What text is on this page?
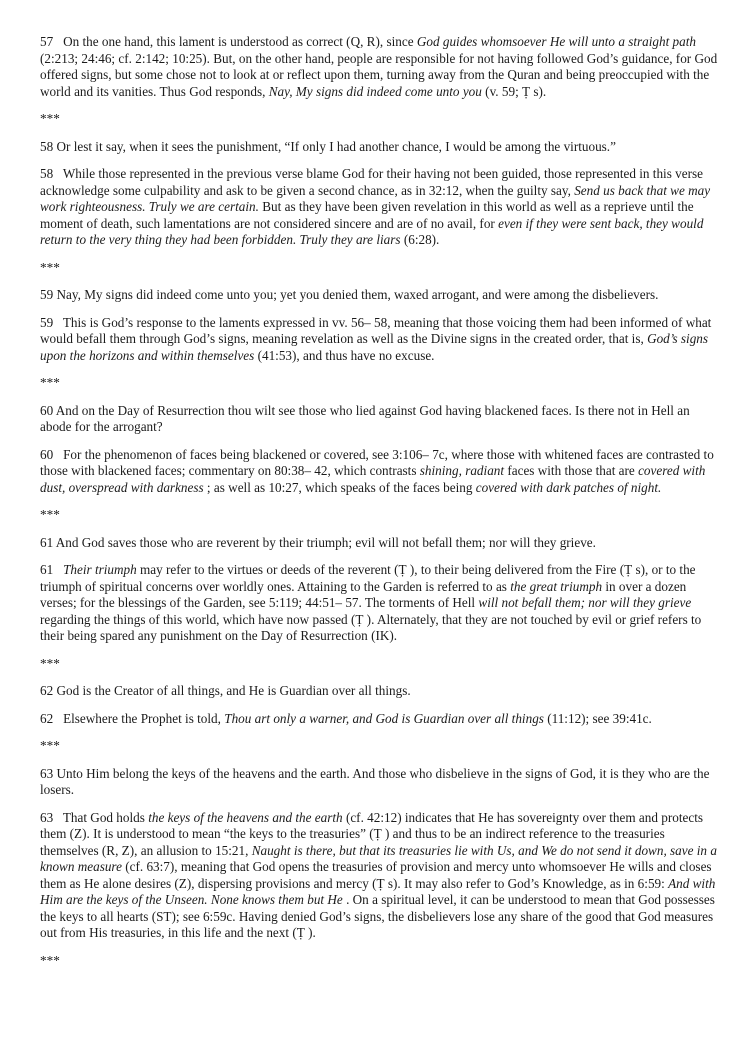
57   On the one hand, this lament is understood as correct (Q, R), since God guides whomsoever He will unto a straight path (2:213; 24:46; cf. 2:142; 10:25). But, on the other hand, people are responsible for not having followed God’s guidance, for God offered signs, but some chose not to look at or reflect upon them, turning away from the Quran and being preoccupied with the world and its vanities. Thus God responds, Nay, My signs did indeed come unto you (v. 59; Ṭ s).

***

58 Or lest it say, when it sees the punishment, “If only I had another chance, I would be among the virtuous.”

58   While those represented in the previous verse blame God for their having not been guided, those represented in this verse acknowledge some culpability and ask to be given a second chance, as in 32:12, when the guilty say, Send us back that we may work righteousness. Truly we are certain. But as they have been given revelation in this world as well as a reprieve until the moment of death, such lamentations are not considered sincere and are of no avail, for even if they were sent back, they would return to the very thing they had been forbidden. Truly they are liars (6:28).

***

59 Nay, My signs did indeed come unto you; yet you denied them, waxed arrogant, and were among the disbelievers.

59   This is God’s response to the laments expressed in vv. 56– 58, meaning that those voicing them had been informed of what would befall them through God’s signs, meaning revelation as well as the Divine signs in the created order, that is, God’s signs upon the horizons and within themselves (41:53), and thus have no excuse.

***

60 And on the Day of Resurrection thou wilt see those who lied against God having blackened faces. Is there not in Hell an abode for the arrogant?

60   For the phenomenon of faces being blackened or covered, see 3:106– 7c, where those with whitened faces are contrasted to those with blackened faces; commentary on 80:38– 42, which contrasts shining, radiant faces with those that are covered with dust, overspread with darkness ; as well as 10:27, which speaks of the faces being covered with dark patches of night.

***

61 And God saves those who are reverent by their triumph; evil will not befall them; nor will they grieve.

61   Their triumph may refer to the virtues or deeds of the reverent (Ṭ ), to their being delivered from the Fire (Ṭ s), or to the triumph of spiritual concerns over worldly ones. Attaining to the Garden is referred to as the great triumph in over a dozen verses; for the blessings of the Garden, see 5:119; 44:51– 57. The torments of Hell will not befall them; nor will they grieve regarding the things of this world, which have now passed (Ṭ ). Alternately, that they are not touched by evil or grief refers to their being spared any punishment on the Day of Resurrection (IK).

***

62 God is the Creator of all things, and He is Guardian over all things.

62   Elsewhere the Prophet is told, Thou art only a warner, and God is Guardian over all things (11:12); see 39:41c.

***

63 Unto Him belong the keys of the heavens and the earth. And those who disbelieve in the signs of God, it is they who are the losers.

63   That God holds the keys of the heavens and the earth (cf. 42:12) indicates that He has sovereignty over them and protects them (Z). It is understood to mean “the keys to the treasuries” (Ṭ ) and thus to be an indirect reference to the treasuries themselves (R, Z), an allusion to 15:21, Naught is there, but that its treasuries lie with Us, and We do not send it down, save in a known measure (cf. 63:7), meaning that God opens the treasuries of provision and mercy unto whomsoever He wills and closes them as He alone desires (Z), dispersing provisions and mercy (Ṭ s). It may also refer to God’s Knowledge, as in 6:59: And with Him are the keys of the Unseen. None knows them but He . On a spiritual level, it can be understood to mean that God possesses the keys to all hearts (ST); see 6:59c. Having denied God’s signs, the disbelievers lose any share of the good that God measures out from His treasuries, in this life and the next (Ṭ ).

***
